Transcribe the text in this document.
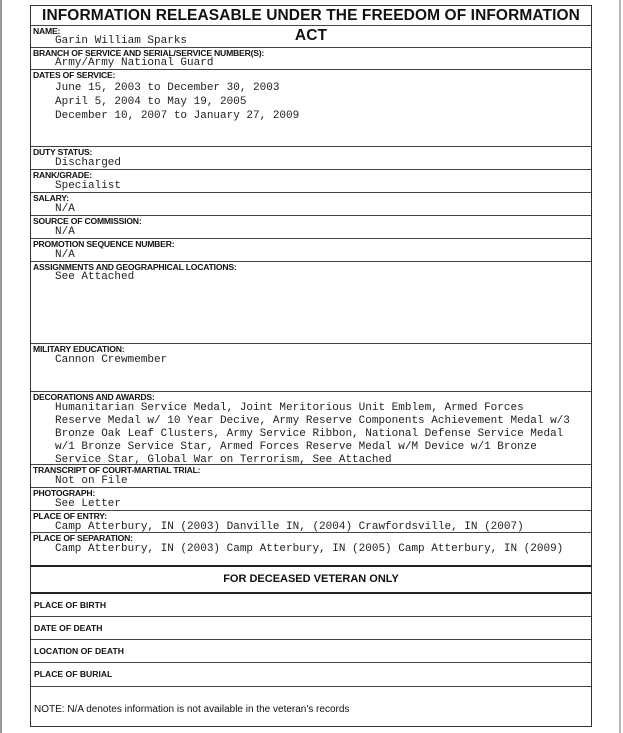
INFORMATION RELEASABLE UNDER THE FREEDOM OF INFORMATION ACT
NAME:
Garin William Sparks
BRANCH OF SERVICE AND SERIAL/SERVICE NUMBER(S):
Army/Army National Guard
DATES OF SERVICE:
June 15, 2003 to December 30, 2003
April 5, 2004 to May 19, 2005
December 10, 2007 to January 27, 2009
DUTY STATUS:
Discharged
RANK/GRADE:
Specialist
SALARY:
N/A
SOURCE OF COMMISSION:
N/A
PROMOTION SEQUENCE NUMBER:
N/A
ASSIGNMENTS AND GEOGRAPHICAL LOCATIONS:
See Attached
MILITARY EDUCATION:
Cannon Crewmember
DECORATIONS AND AWARDS:
Humanitarian Service Medal, Joint Meritorious Unit Emblem, Armed Forces
Reserve Medal w/ 10 Year Decive, Army Reserve Components Achievement Medal w/3
Bronze Oak Leaf Clusters, Army Service Ribbon, National Defense Service Medal
w/1 Bronze Service Star, Armed Forces Reserve Medal w/M Device w/1 Bronze
Service Star, Global War on Terrorism, See Attached
TRANSCRIPT OF COURT-MARTIAL TRIAL:
Not on File
PHOTOGRAPH:
See Letter
PLACE OF ENTRY:
Camp Atterbury, IN (2003) Danville IN, (2004) Crawfordsville, IN (2007)
PLACE OF SEPARATION:
Camp Atterbury, IN (2003) Camp Atterbury, IN (2005) Camp Atterbury, IN (2009)
FOR DECEASED VETERAN ONLY
PLACE OF BIRTH
DATE OF DEATH
LOCATION OF DEATH
PLACE OF BURIAL
NOTE: N/A denotes information is not available in the veteran's records
